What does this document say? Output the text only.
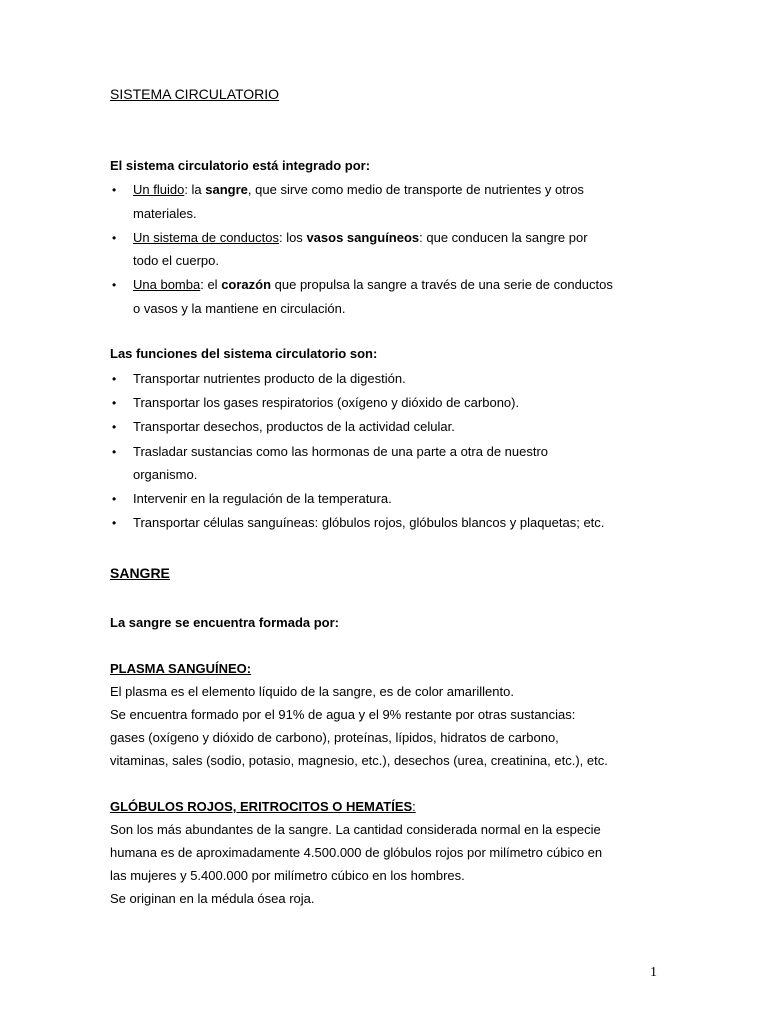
SISTEMA CIRCULATORIO
El sistema circulatorio está integrado por:
• Un fluido: la sangre, que sirve como medio de transporte de nutrientes y otros
materiales.
• Un sistema de conductos: los vasos sanguíneos: que conducen la sangre por
todo el cuerpo.
• Una bomba: el corazón que propulsa la sangre a través de una serie de conductos
o vasos y la mantiene en circulación.
Las funciones del sistema circulatorio son:
• Transportar nutrientes producto de la digestión.
• Transportar los gases respiratorios (oxígeno y dióxido de carbono).
• Transportar desechos, productos de la actividad celular.
• Trasladar sustancias como las hormonas de una parte a otra de nuestro
organismo.
• Intervenir en la regulación de la temperatura.
• Transportar células sanguíneas: glóbulos rojos, glóbulos blancos y plaquetas; etc.
SANGRE
La sangre se encuentra formada por:
PLASMA SANGUÍNEO:
El plasma es el elemento líquido de la sangre, es de color amarillento.
Se encuentra formado por el 91% de agua y el 9% restante por otras sustancias:
gases (oxígeno y dióxido de carbono), proteínas, lípidos, hidratos de carbono,
vitaminas, sales (sodio, potasio, magnesio, etc.), desechos (urea, creatinina, etc.), etc.
GLÓBULOS ROJOS, ERITROCITOS O HEMATÍES:
Son los más abundantes de la sangre. La cantidad considerada normal en la especie
humana es de aproximadamente 4.500.000 de glóbulos rojos por milímetro cúbico en
las mujeres y 5.400.000 por milímetro cúbico en los hombres.
Se originan en la médula ósea roja.
1
